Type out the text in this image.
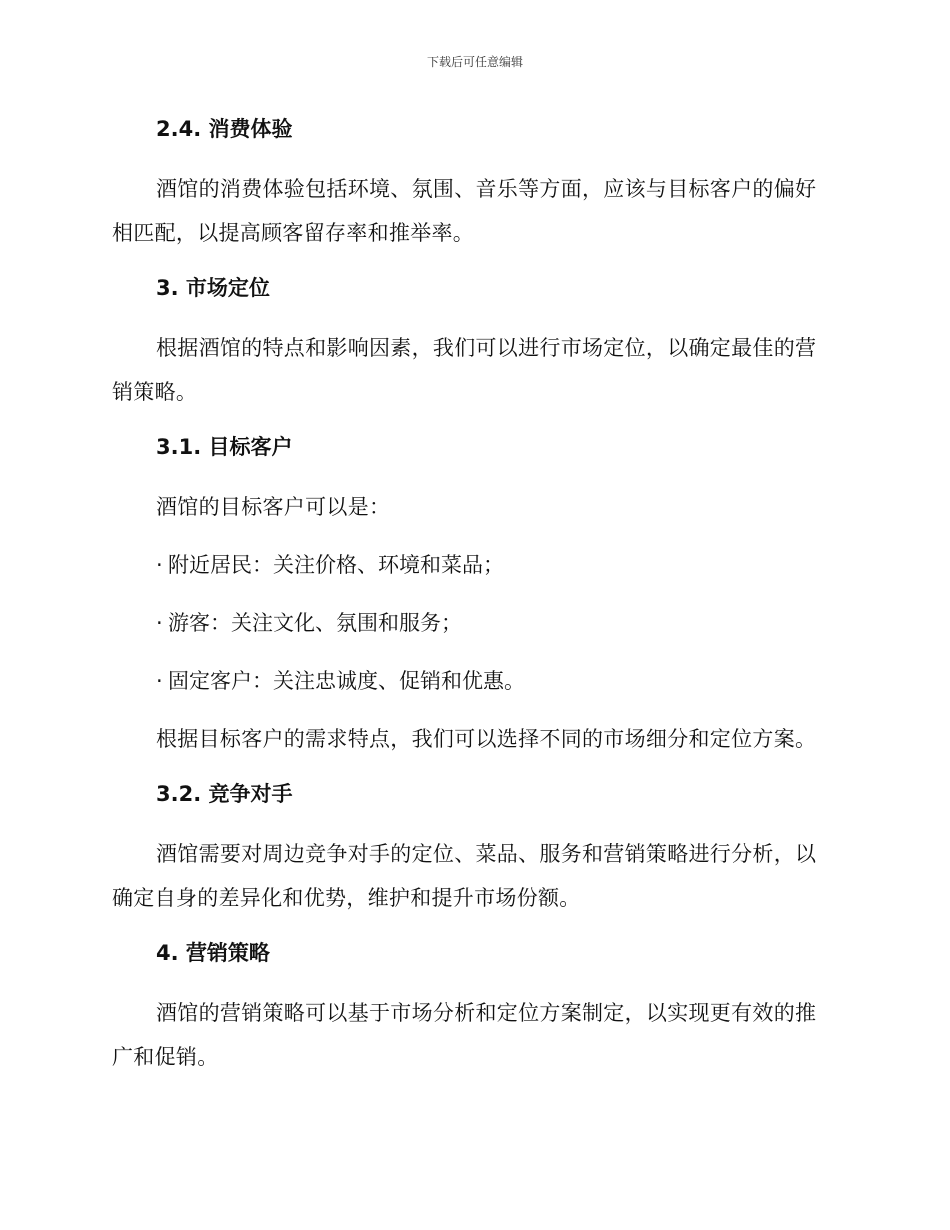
下载后可任意编辑
2.4. 消费体验

酒馆的消费体验包括环境、氛围、音乐等方面，应该与目标客户的偏好相匹配，以提高顾客留存率和推举率。

3. 市场定位

根据酒馆的特点和影响因素，我们可以进行市场定位，以确定最佳的营销策略。

3.1. 目标客户

酒馆的目标客户可以是：

· 附近居民：关注价格、环境和菜品；
· 游客：关注文化、氛围和服务；
· 固定客户：关注忠诚度、促销和优惠。

根据目标客户的需求特点，我们可以选择不同的市场细分和定位方案。

3.2. 竞争对手

酒馆需要对周边竞争对手的定位、菜品、服务和营销策略进行分析，以确定自身的差异化和优势，维护和提升市场份额。

4. 营销策略

酒馆的营销策略可以基于市场分析和定位方案制定，以实现更有效的推广和促销。
